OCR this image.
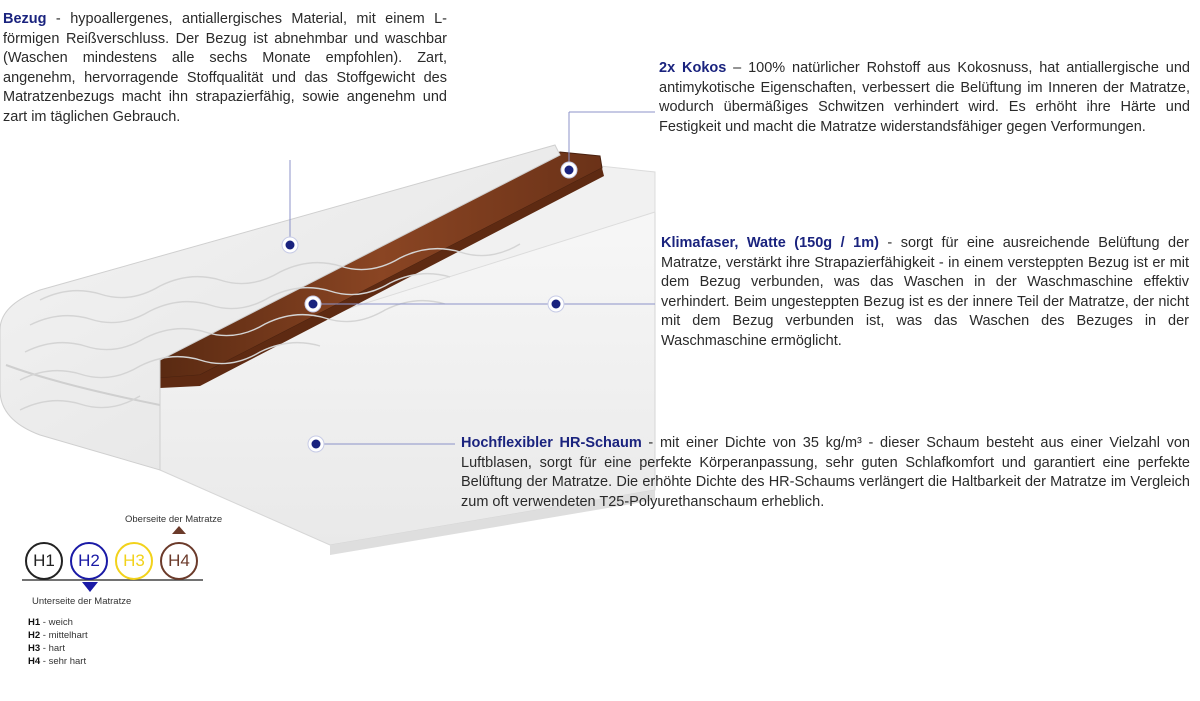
Bezug - hypoallergenes, antiallergisches Material, mit einem L-förmigen Reißverschluss. Der Bezug ist abnehmbar und waschbar (Waschen mindestens alle sechs Monate empfohlen). Zart, angenehm, hervorragende Stoffqualität und das Stoffgewicht des Matratzenbezugs macht ihn strapazierfähig, sowie angenehm und zart im täglichen Gebrauch.
2x Kokos – 100% natürlicher Rohstoff aus Kokosnuss, hat antiallergische und antimykotische Eigenschaften, verbessert die Belüftung im Inneren der Matratze, wodurch übermäßiges Schwitzen verhindert wird. Es erhöht ihre Härte und Festigkeit und macht die Matratze widerstandsfähiger gegen Verformungen.
Klimafaser, Watte (150g / 1m) - sorgt für eine ausreichende Belüftung der Matratze, verstärkt ihre Strapazierfähigkeit - in einem versteppten Bezug ist er mit dem Bezug verbunden, was das Waschen in der Waschmaschine effektiv verhindert. Beim ungesteppten Bezug ist es der innere Teil der Matratze, der nicht mit dem Bezug verbunden ist, was das Waschen des Bezuges in der Waschmaschine ermöglicht.
Hochflexibler HR-Schaum - mit einer Dichte von 35 kg/m³ - dieser Schaum besteht aus einer Vielzahl von Luftblasen, sorgt für eine perfekte Körperanpassung, sehr guten Schlafkomfort und garantiert eine perfekte Belüftung der Matratze. Die erhöhte Dichte des HR-Schaums verlängert die Haltbarkeit der Matratze im Vergleich zum oft verwendeten T25-Polyurethanschaum erheblich.
Oberseite der Matratze
H1	H2	H3	H4
Unterseite der Matratze
H1 - weich
H2 - mittelhart
H3 - hart
H4 - sehr hart
